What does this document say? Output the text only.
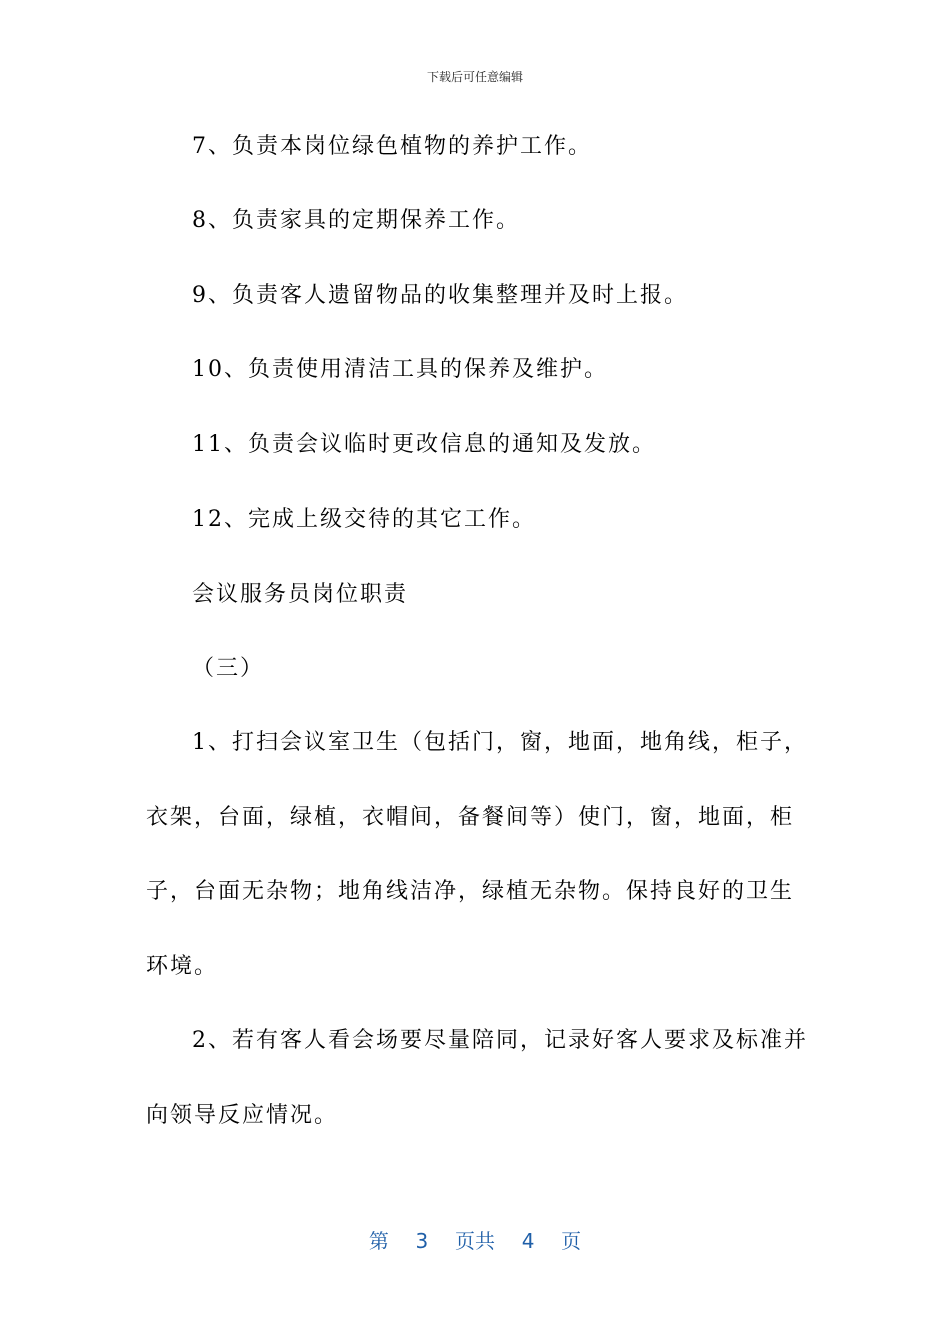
下载后可任意编辑
7、负责本岗位绿色植物的养护工作。
8、负责家具的定期保养工作。
9、负责客人遗留物品的收集整理并及时上报。
10、负责使用清洁工具的保养及维护。
11、负责会议临时更改信息的通知及发放。
12、完成上级交待的其它工作。
会议服务员岗位职责
（三）
1、打扫会议室卫生（包括门，窗，地面，地角线，柜子，
衣架，台面，绿植，衣帽间，备餐间等）使门，窗，地面，柜
子，台面无杂物；地角线洁净，绿植无杂物。保持良好的卫生
环境。
2、若有客人看会场要尽量陪同，记录好客人要求及标准并
向领导反应情况。
第 3 页共 4 页
